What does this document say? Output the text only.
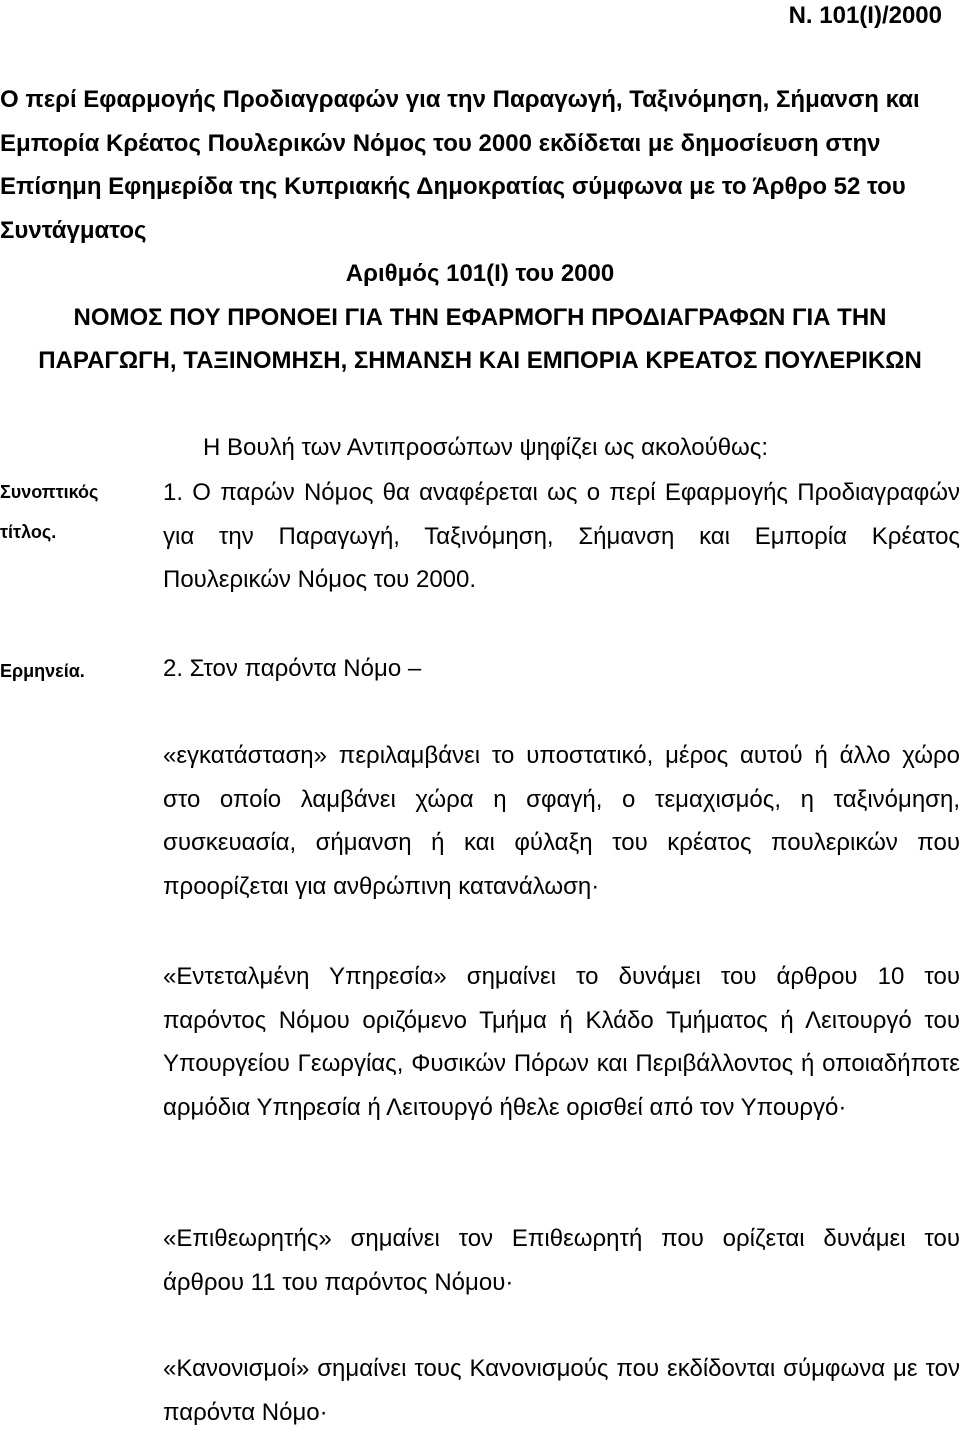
Ν. 101(Ι)/2000
Ο περί Εφαρμογής Προδιαγραφών για την Παραγωγή, Ταξινόμηση, Σήμανση και Εμπορία Κρέατος Πουλερικών Νόμος του 2000 εκδίδεται με δημοσίευση στην Επίσημη Εφημερίδα της Κυπριακής Δημοκρατίας σύμφωνα με το Άρθρο 52 του Συντάγματος
Αριθμός 101(Ι) του 2000
ΝΟΜΟΣ ΠΟΥ ΠΡΟΝΟΕΙ ΓΙΑ ΤΗΝ ΕΦΑΡΜΟΓΗ ΠΡΟΔΙΑΓΡΑΦΩΝ ΓΙΑ ΤΗΝ
ΠΑΡΑΓΩΓΗ, ΤΑΞΙΝΟΜΗΣΗ, ΣΗΜΑΝΣΗ ΚΑΙ ΕΜΠΟΡΙΑ ΚΡΕΑΤΟΣ ΠΟΥΛΕΡΙΚΩΝ
Η Βουλή των Αντιπροσώπων ψηφίζει ως ακολούθως:
Συνοπτικός
τίτλος.
1. Ο παρών Νόμος θα αναφέρεται ως ο περί Εφαρμογής Προδιαγραφών για την Παραγωγή, Ταξινόμηση, Σήμανση και Εμπορία Κρέατος Πουλερικών Νόμος του 2000.
Ερμηνεία.	2. Στον παρόντα Νόμο –
«εγκατάσταση» περιλαμβάνει το υποστατικό, μέρος αυτού ή άλλο χώρο στο οποίο λαμβάνει χώρα η σφαγή, ο τεμαχισμός, η ταξινόμηση, συσκευασία, σήμανση ή και φύλαξη του κρέατος πουλερικών που προορίζεται για ανθρώπινη κατανάλωση·
«Εντεταλμένη Υπηρεσία» σημαίνει το δυνάμει του άρθρου 10 του παρόντος Νόμου οριζόμενο Τμήμα ή Κλάδο Τμήματος ή Λειτουργό του Υπουργείου Γεωργίας, Φυσικών Πόρων και Περιβάλλοντος ή οποιαδήποτε αρμόδια Υπηρεσία ή Λειτουργό ήθελε ορισθεί από τον Υπουργό·
«Επιθεωρητής» σημαίνει τον Επιθεωρητή που ορίζεται δυνάμει του άρθρου 11 του παρόντος Νόμου·
«Κανονισμοί» σημαίνει τους Κανονισμούς που εκδίδονται σύμφωνα με τον παρόντα Νόμο·
